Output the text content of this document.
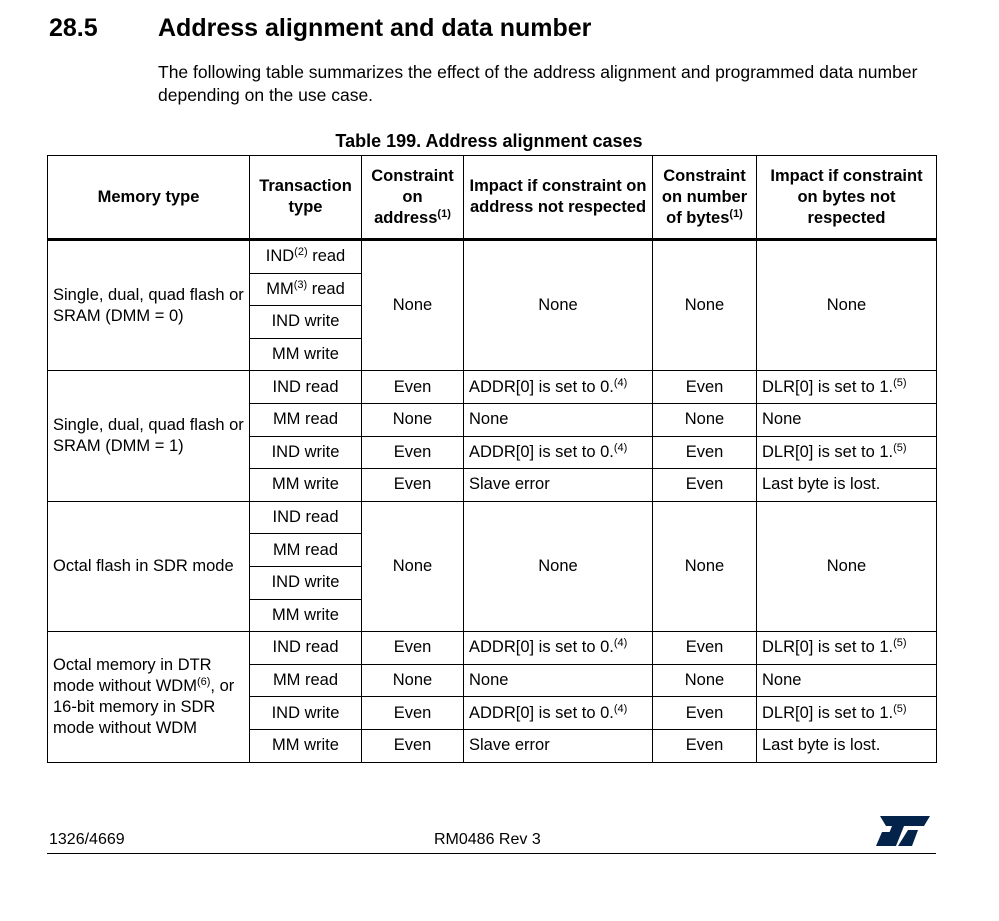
28.5 Address alignment and data number
The following table summarizes the effect of the address alignment and programmed data number depending on the use case.
Table 199. Address alignment cases
Memory type	Transaction type	Constraint on address$^{(1)}$	Impact if constraint on address not respected	Constraint on number of bytes$^{(1)}$	Impact if constraint on bytes not respected
Single, dual, quad flash or SRAM (DMM = 0)	IND$^{(2)}$ read	None	None	None	None
	MM$^{(3)}$ read				
	IND write				
	MM write				
Single, dual, quad flash or SRAM (DMM = 1)	IND read	Even	ADDR[0] is set to 0.$^{(4)}$	Even	DLR[0] is set to 1.$^{(5)}$
	MM read	None	None	None	None
	IND write	Even	ADDR[0] is set to 0.$^{(4)}$	Even	DLR[0] is set to 1.$^{(5)}$
	MM write	Even	Slave error	Even	Last byte is lost.
Octal flash in SDR mode	IND read	None	None	None	None
	MM read				
	IND write				
	MM write				
Octal memory in DTR mode without WDM$^{(6)}$, or 16-bit memory in SDR mode without WDM	IND read	Even	ADDR[0] is set to 0.$^{(4)}$	Even	DLR[0] is set to 1.$^{(5)}$
	MM read	None	None	None	None
	IND write	Even	ADDR[0] is set to 0.$^{(4)}$	Even	DLR[0] is set to 1.$^{(5)}$
	MM write	Even	Slave error	Even	Last byte is lost.
1326/4669	RM0486 Rev 3
